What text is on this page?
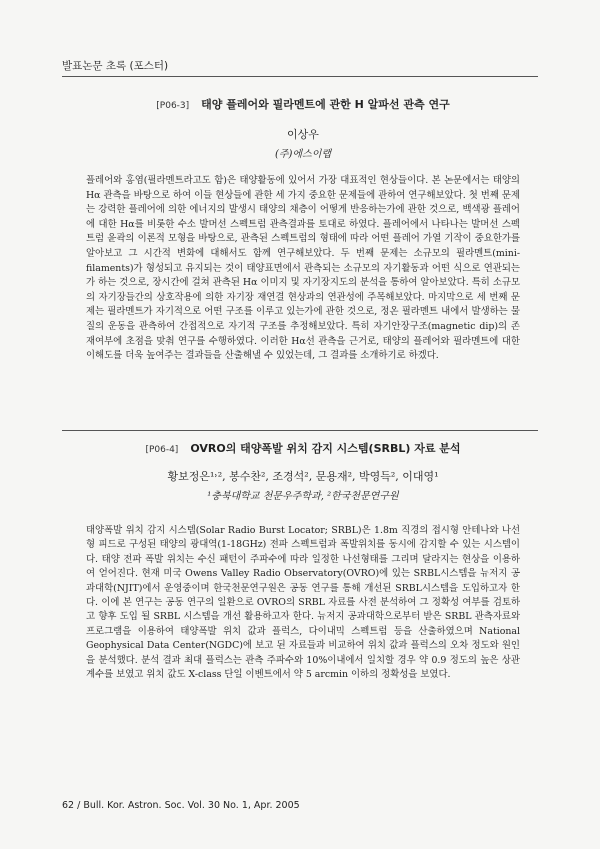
발표논문 초록 (포스터)
[P06-3] 태양 플레어와 필라멘트에 관한 H 알파선 관측 연구
이상우
(주)에스이랩
플레어와 홍염(필라멘트라고도 함)은 태양활동에 있어서 가장 대표적인 현상들이다. 본 논문에서는 태양의 Hα 관측을 바탕으로 하여 이들 현상들에 관한 세 가지 중요한 문제들에 관하여 연구해보았다. 첫 번째 문제는 강력한 플레어에 의한 에너지의 발생시 태양의 채층이 어떻게 반응하는가에 관한 것으로, 백색광 플레어에 대한 Hα를 비롯한 수소 발머선 스펙트럼 관측결과를 토대로 하였다. 플레어에서 나타나는 발머선 스펙트럼 윤곽의 이론적 모형을 바탕으로, 관측된 스펙트럼의 형태에 따라 어떤 플레어 가열 기작이 중요한가를 알아보고 그 시간적 변화에 대해서도 함께 연구해보았다. 두 번째 문제는 소규모의 필라멘트(mini-filaments)가 형성되고 유지되는 것이 태양표면에서 관측되는 소규모의 자기활동과 어떤 식으로 연관되는가 하는 것으로, 장시간에 걸쳐 관측된 Hα 이미지 및 자기장지도의 분석을 통하여 알아보았다. 특히 소규모의 자기장들간의 상호작용에 의한 자기장 재연결 현상과의 연관성에 주목해보았다. 마지막으로 세 번째 문제는 필라멘트가 자기적으로 어떤 구조를 이루고 있는가에 관한 것으로, 정온 필라멘트 내에서 발생하는 물질의 운동을 관측하여 간접적으로 자기적 구조를 추정해보았다. 특히 자기안장구조(magnetic dip)의 존재여부에 초점을 맞춰 연구를 수행하였다. 이러한 Hα선 관측을 근거로, 태양의 플레어와 필라멘트에 대한 이해도를 더욱 높여주는 결과들을 산출해낼 수 있었는데, 그 결과를 소개하기로 하겠다.
[P06-4] OVRO의 태양폭발 위치 감지 시스템(SRBL) 자료 분석
황보정은¹˒², 봉수찬², 조경석², 문용재², 박영득², 이대영¹
¹충북대학교 천문우주학과, ²한국천문연구원
태양폭발 위치 감지 시스템(Solar Radio Burst Locator; SRBL)은 1.8m 직경의 접시형 안테나와 나선형 피드로 구성된 태양의 광대역(1-18GHz) 전파 스펙트럼과 폭발위치를 동시에 감지할 수 있는 시스템이다. 태양 전파 폭발 위치는 수신 패턴이 주파수에 따라 일정한 나선형태를 그리며 달라지는 현상을 이용하여 얻어진다. 현재 미국 Owens Valley Radio Observatory(OVRO)에 있는 SRBL시스템을 뉴저지 공과대학(NJIT)에서 운영중이며 한국천문연구원은 공동 연구를 통해 개선된 SRBL시스템을 도입하고자 한다. 이에 본 연구는 공동 연구의 일환으로 OVRO의 SRBL 자료를 사전 분석하여 그 정확성 여부를 검토하고 향후 도입 될 SRBL 시스템을 개선 활용하고자 한다. 뉴저지 공과대학으로부터 받은 SRBL 관측자료와 프로그램을 이용하여 태양폭발 위치 값과 플럭스, 다이내믹 스펙트럼 등을 산출하였으며 National Geophysical Data Center(NGDC)에 보고 된 자료들과 비교하여 위치 값과 플럭스의 오차 정도와 원인을 분석했다. 분석 결과 최대 플럭스는 관측 주파수와 10%이내에서 일치할 경우 약 0.9 정도의 높은 상관계수를 보였고 위치 값도 X-class 단일 이벤트에서 약 5 arcmin 이하의 정확성을 보였다.
62 / Bull. Kor. Astron. Soc. Vol. 30 No. 1, Apr. 2005
